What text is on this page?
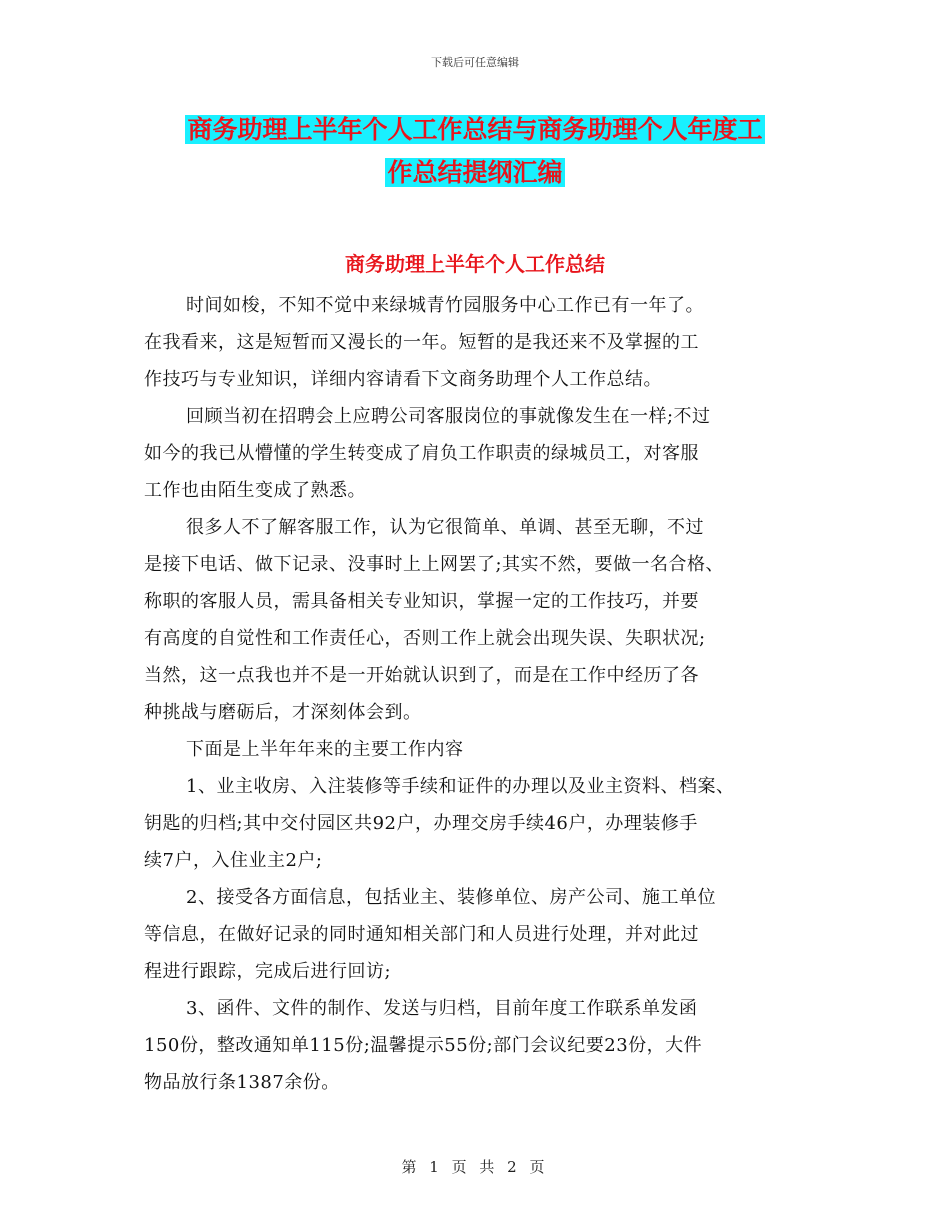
下载后可任意编辑
商务助理上半年个人工作总结与商务助理个人年度工
作总结提纲汇编
商务助理上半年个人工作总结
时间如梭，不知不觉中来绿城青竹园服务中心工作已有一年了。
在我看来，这是短暂而又漫长的一年。短暂的是我还来不及掌握的工
作技巧与专业知识，详细内容请看下文商务助理个人工作总结。
回顾当初在招聘会上应聘公司客服岗位的事就像发生在一样;不过
如今的我已从懵懂的学生转变成了肩负工作职责的绿城员工，对客服
工作也由陌生变成了熟悉。
很多人不了解客服工作，认为它很简单、单调、甚至无聊，不过
是接下电话、做下记录、没事时上上网罢了;其实不然，要做一名合格、
称职的客服人员，需具备相关专业知识，掌握一定的工作技巧，并要
有高度的自觉性和工作责任心，否则工作上就会出现失误、失职状况;
当然，这一点我也并不是一开始就认识到了，而是在工作中经历了各
种挑战与磨砺后，才深刻体会到。
下面是上半年年来的主要工作内容
1、业主收房、入注装修等手续和证件的办理以及业主资料、档案、
钥匙的归档;其中交付园区共92户，办理交房手续46户，办理装修手
续7户，入住业主2户;
2、接受各方面信息，包括业主、装修单位、房产公司、施工单位
等信息，在做好记录的同时通知相关部门和人员进行处理，并对此过
程进行跟踪，完成后进行回访;
3、函件、文件的制作、发送与归档，目前年度工作联系单发函
150份，整改通知单115份;温馨提示55份;部门会议纪要23份，大件
物品放行条1387余份。
第 1 页 共 2 页
